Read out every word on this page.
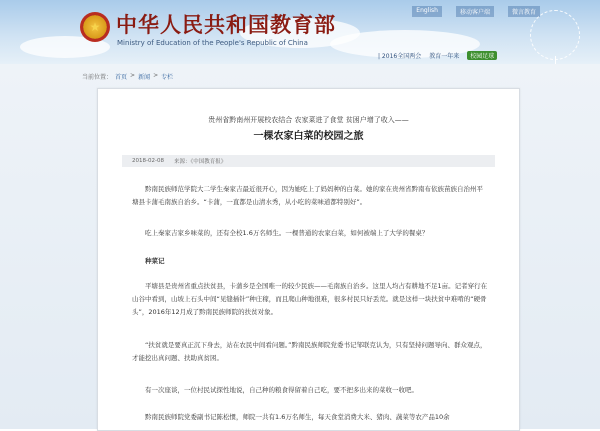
★ 中华人民共和国教育部
Ministry of Education of the People's Republic of China
English	移动客户端	微言教育
| 2016全国两会 教育一年来	校园足球
当前位置： 首页 > 新闻 > 专栏
贵州省黔南州开展校农结合 农家菜进了食堂 贫困户增了收入——
一棵农家白菜的校园之旅
2018-02-08 来源：《中国教育报》

黔南民族师范学院大二学生秦家吉最近很开心，因为她吃上了妈妈种的白菜。她的家在贵州省黔南布依族苗族自治州平塘县卡蒲毛南族自治乡。“卡蒲，一直都是山清水秀，从小吃的菜味道都特别好”。

吃上秦家吉家乡味菜的，还有全校1.6万名师生。一棵普通的农家白菜，如何被端上了大学的餐桌？

种菜记

平塘县是贵州省重点扶贫县，卡蒲乡是全国唯一的较少民族——毛南族自治乡。这里人均占有耕地不足1亩。记者穿行在山谷中看到，山坡上石头中间“见缝插针”种庄稼，而且爬山种地很难，很多村民只好丢荒。就是这样一块扶贫中难啃的“硬骨头”，2016年12月成了黔南民族师院的扶贫对象。

“扶贫就是要真正沉下身去，站在农民中间看问题。”黔南民族师院党委书记邹联克认为，只有坚持问题导向、群众观点，才能挖出真问题、扶助真贫困。

有一次座谈，一位村民试探性地说，自己种的粮食得留着自己吃，要不把多出来的菜收一收吧。

黔南民族师院党委副书记陈松惯，师院一共有1.6万名师生，每天食堂消费大米、猪肉、蔬菜等农产品10余
